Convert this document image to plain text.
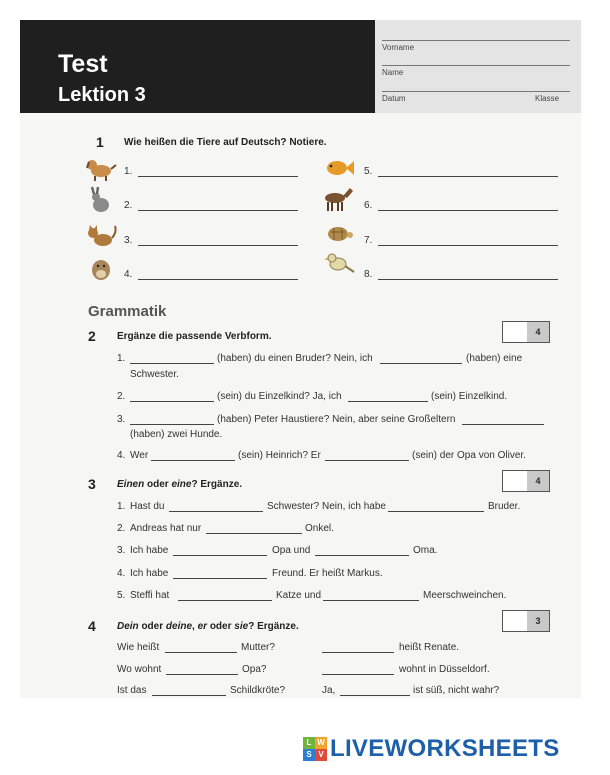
Test
Lektion 3
Vorname
Name
Datum	Klasse
1 Wie heißen die Tiere auf Deutsch? Notiere.
1.
2.
3.
4.
5.
6.
7.
8.
Grammatik
2 Ergänze die passende Verbform.	4
1.	(haben) du einen Bruder? Nein, ich	(haben) eine
Schwester.
2.	(sein) du Einzelkind? Ja, ich	(sein) Einzelkind.
3.	(haben) Peter Haustiere? Nein, aber seine Großeltern
(haben) zwei Hunde.
4. Wer	(sein) Heinrich? Er	(sein) der Opa von Oliver.
3 Einen oder eine? Ergänze.	4
1. Hast du	Schwester? Nein, ich habe	Bruder.
2. Andreas hat nur	Onkel.
3. Ich habe	Opa und	Oma.
4. Ich habe	Freund. Er heißt Markus.
5. Steffi hat	Katze und	Meerschweinchen.
4 Dein oder deine, er oder sie? Ergänze.	3
Wie heißt	Mutter?	heißt Renate.
Wo wohnt	Opa?	wohnt in Düsseldorf.
Ist das	Schildkröte?	Ja,	ist süß, nicht wahr?
L W
S V LIVEWORKSHEETS
